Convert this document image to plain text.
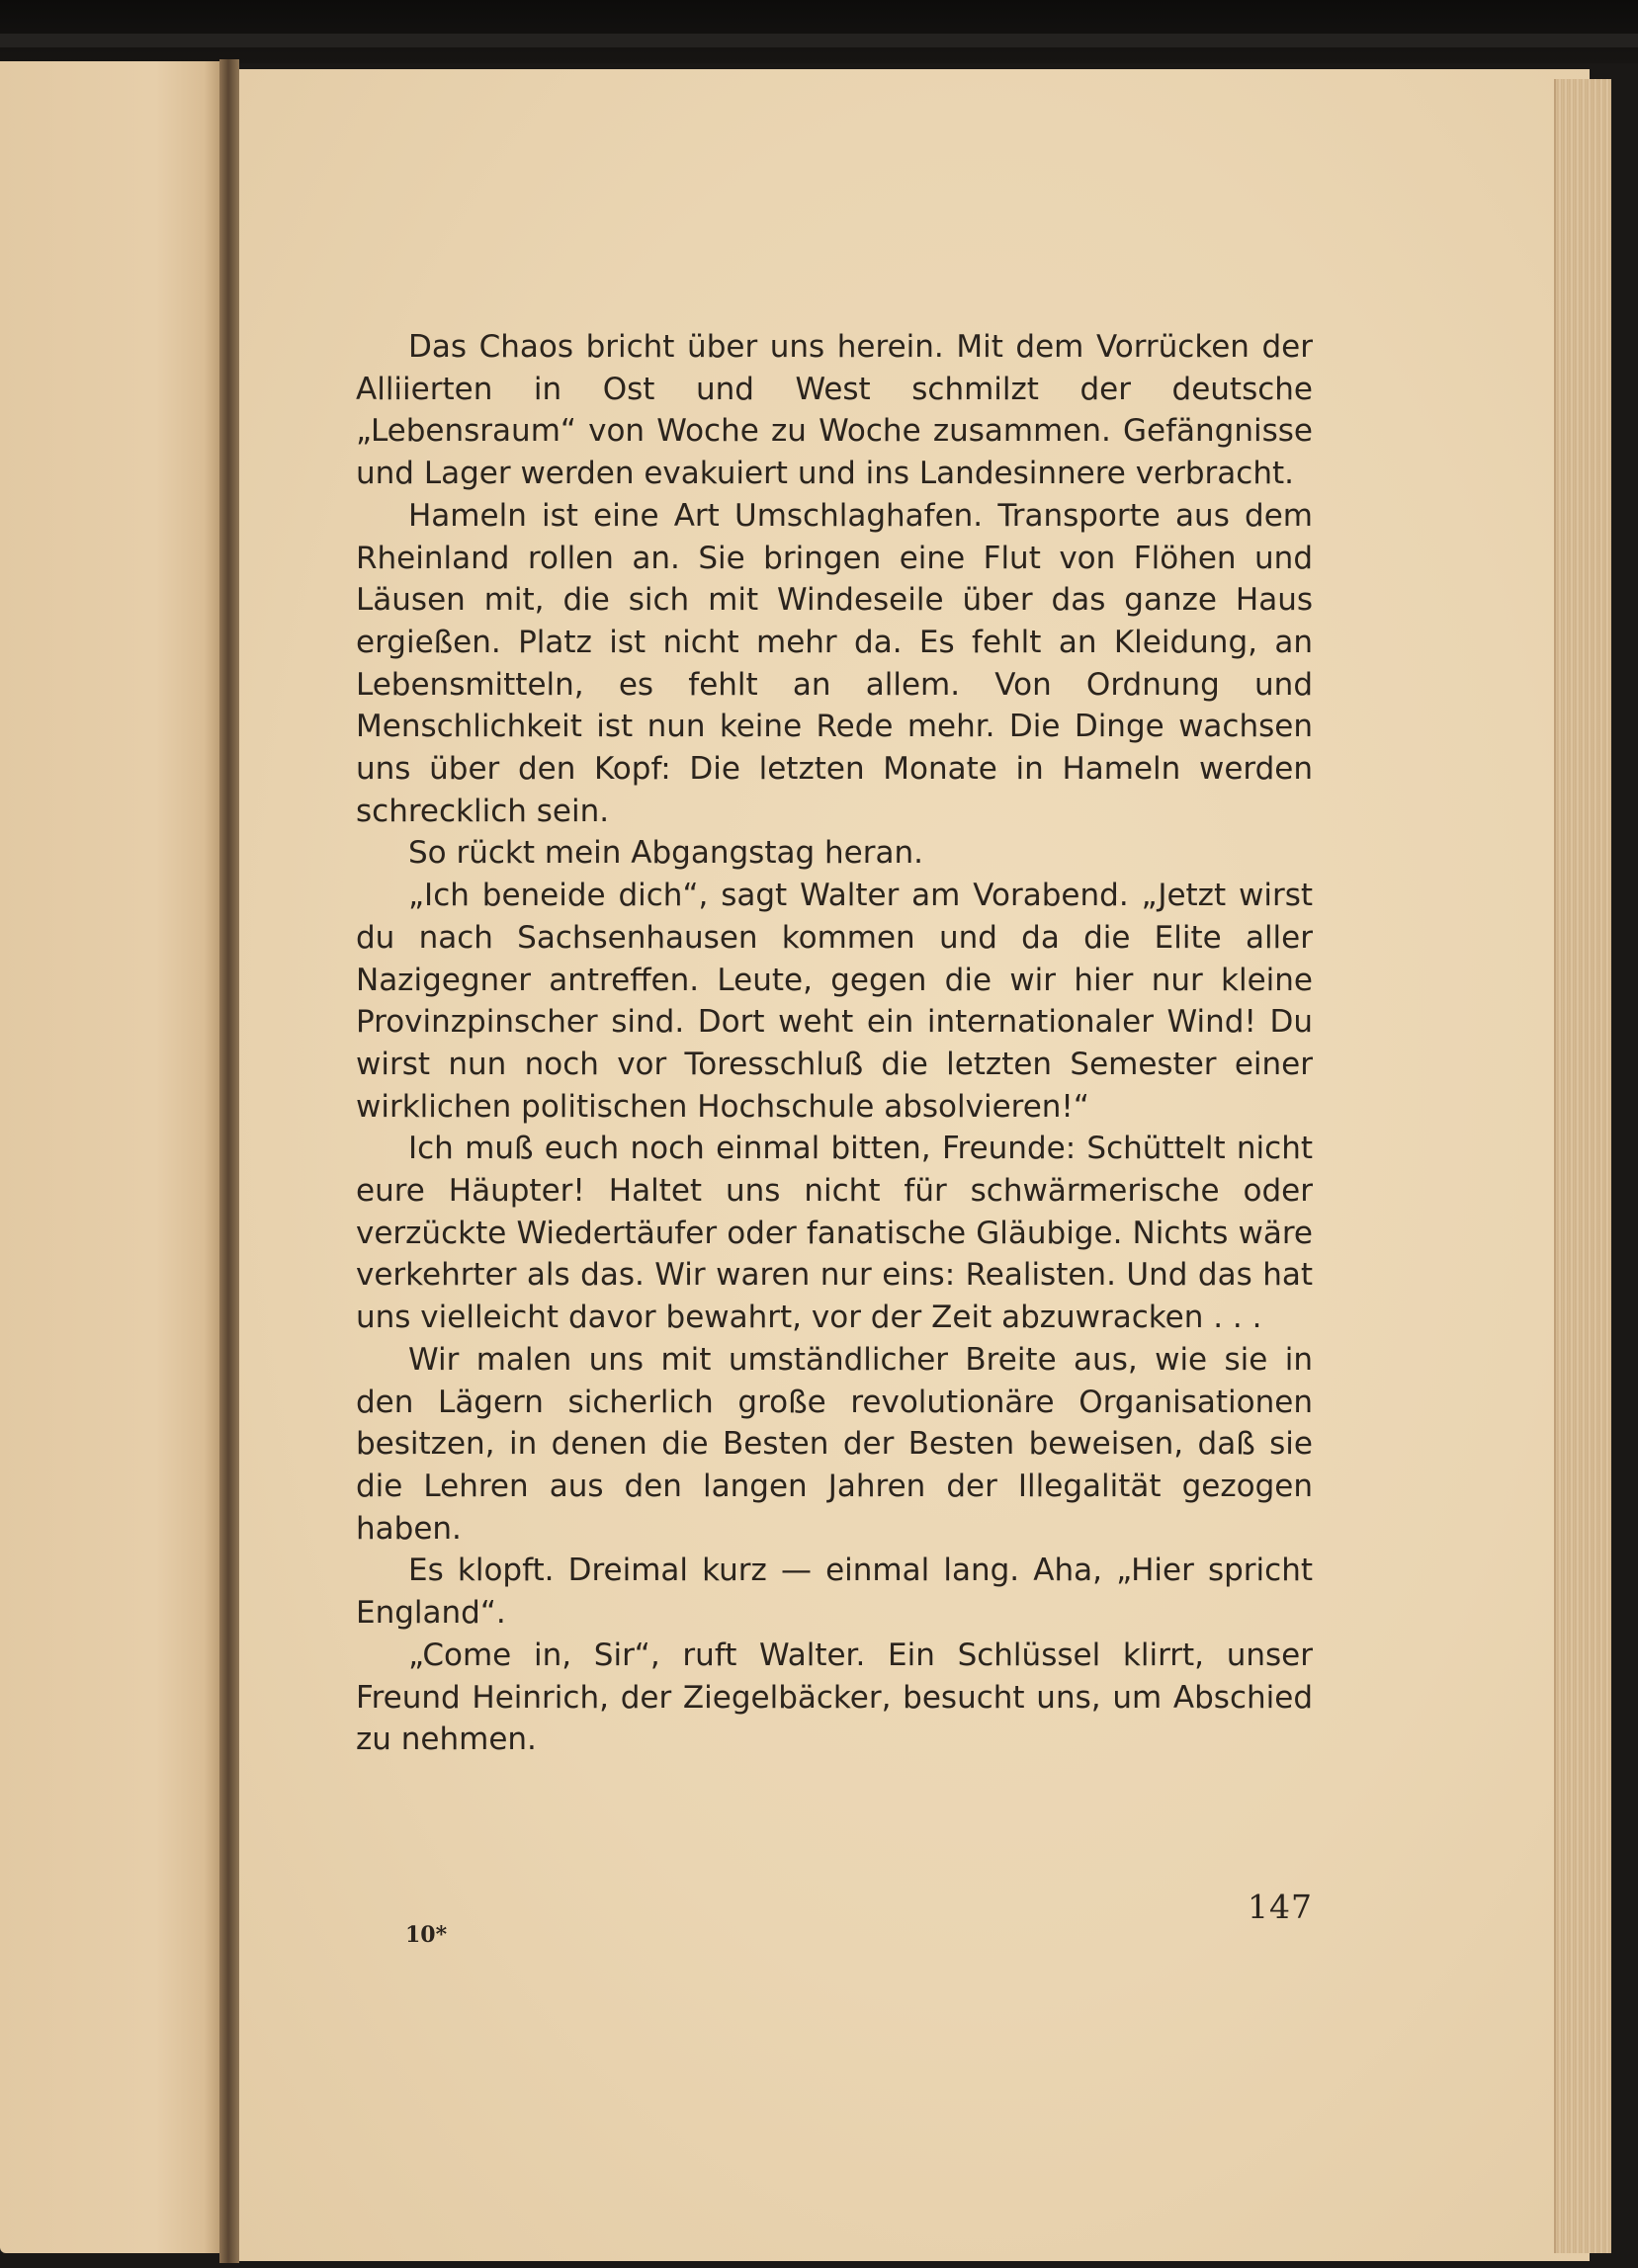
Das Chaos bricht über uns herein. Mit dem Vorrücken der Alliierten in Ost und West schmilzt der deutsche „Lebensraum“ von Woche zu Woche zusammen. Gefängnisse und Lager werden evakuiert und ins Landesinnere verbracht.

Hameln ist eine Art Umschlaghafen. Transporte aus dem Rheinland rollen an. Sie bringen eine Flut von Flöhen und Läusen mit, die sich mit Windeseile über das ganze Haus ergießen. Platz ist nicht mehr da. Es fehlt an Kleidung, an Lebensmitteln, es fehlt an allem. Von Ordnung und Menschlichkeit ist nun keine Rede mehr. Die Dinge wachsen uns über den Kopf: Die letzten Monate in Hameln werden schrecklich sein.

So rückt mein Abgangstag heran.

„Ich beneide dich“, sagt Walter am Vorabend. „Jetzt wirst du nach Sachsenhausen kommen und da die Elite aller Nazigegner antreffen. Leute, gegen die wir hier nur kleine Provinzpinscher sind. Dort weht ein internationaler Wind! Du wirst nun noch vor Toresschluß die letzten Semester einer wirklichen politischen Hochschule absolvieren!“

Ich muß euch noch einmal bitten, Freunde: Schüttelt nicht eure Häupter! Haltet uns nicht für schwärmerische oder verzückte Wiedertäufer oder fanatische Gläubige. Nichts wäre verkehrter als das. Wir waren nur eins: Realisten. Und das hat uns vielleicht davor bewahrt, vor der Zeit abzuwracken . . .

Wir malen uns mit umständlicher Breite aus, wie sie in den Lägern sicherlich große revolutionäre Organisationen besitzen, in denen die Besten der Besten beweisen, daß sie die Lehren aus den langen Jahren der Illegalität gezogen haben.

Es klopft. Dreimal kurz — einmal lang. Aha, „Hier spricht England“.

„Come in, Sir“, ruft Walter. Ein Schlüssel klirrt, unser Freund Heinrich, der Ziegelbäcker, besucht uns, um Abschied zu nehmen.

147
10*
